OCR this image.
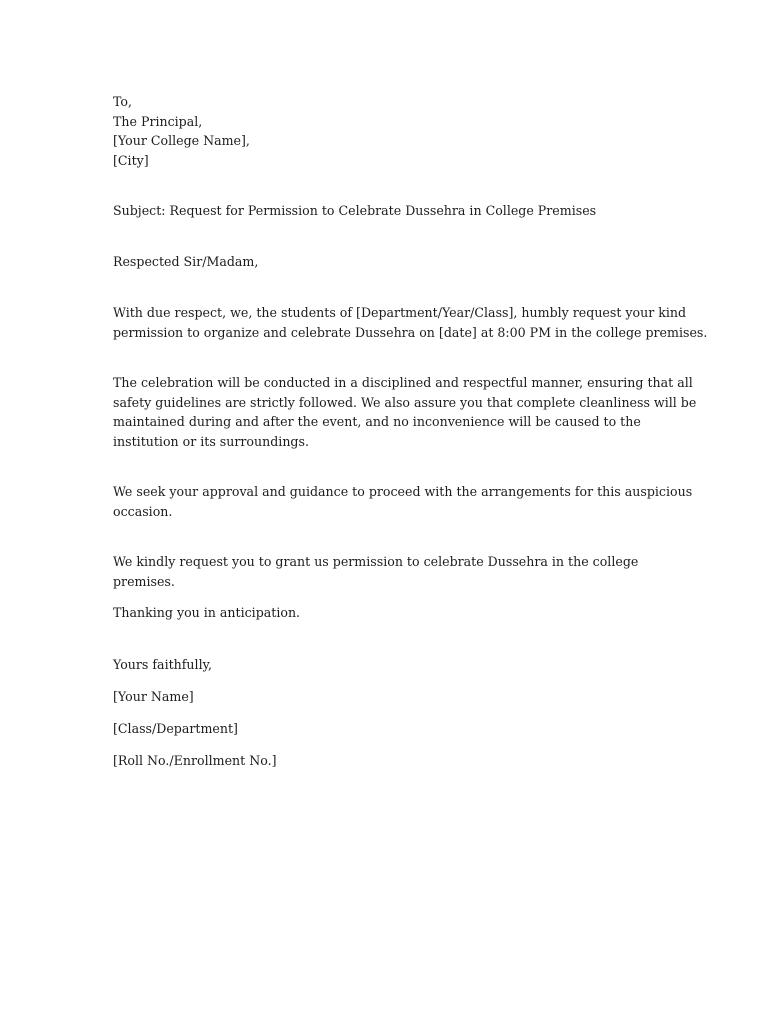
To,
The Principal,
[Your College Name],
[City]

Subject: Request for Permission to Celebrate Dussehra in College Premises

Respected Sir/Madam,

With due respect, we, the students of [Department/Year/Class], humbly request your kind
permission to organize and celebrate Dussehra on [date] at 8:00 PM in the college premises.
The celebration will be conducted in a disciplined and respectful manner, ensuring that all
safety guidelines are strictly followed. We also assure you that complete cleanliness will be
maintained during and after the event, and no inconvenience will be caused to the
institution or its surroundings.
We seek your approval and guidance to proceed with the arrangements for this auspicious
occasion.

We kindly request you to grant us permission to celebrate Dussehra in the college premises.

Thanking you in anticipation.

Yours faithfully,

[Your Name]

[Class/Department]

[Roll No./Enrollment No.]
